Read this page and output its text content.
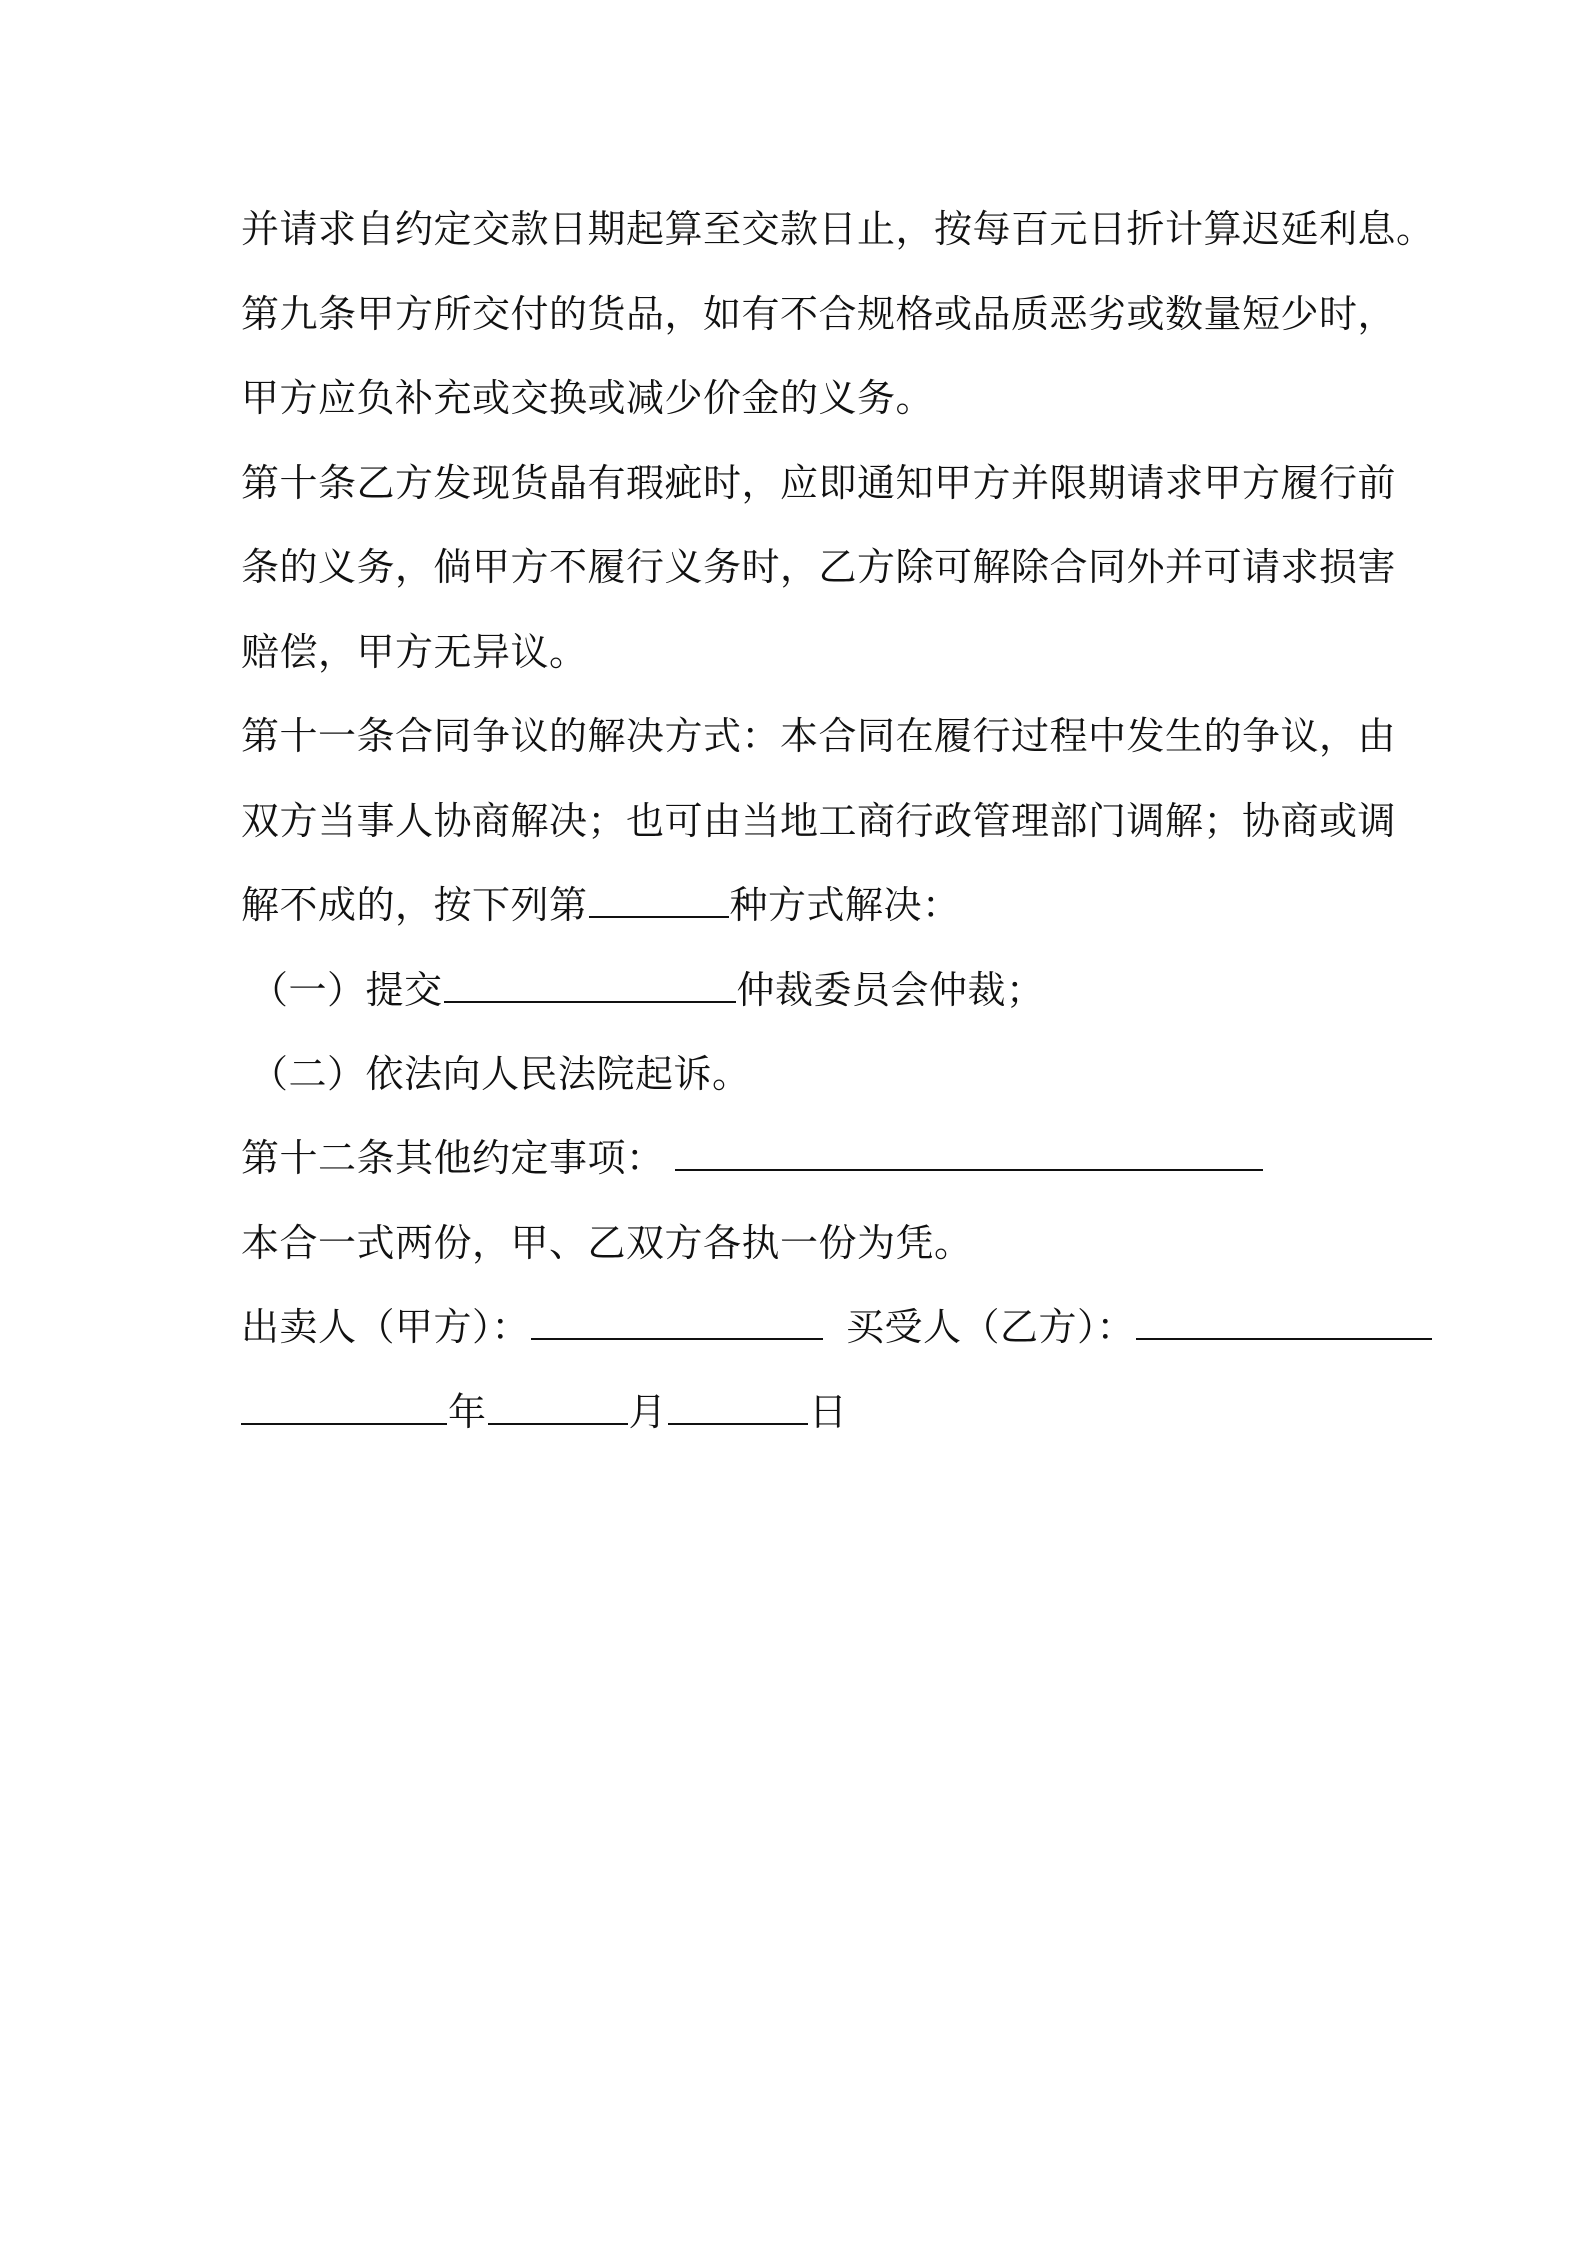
并请求自约定交款日期起算至交款日止，按每百元日折计算迟延利息。
第九条甲方所交付的货品，如有不合规格或品质恶劣或数量短少时，
甲方应负补充或交换或减少价金的义务。
第十条乙方发现货晶有瑕疵时，应即通知甲方并限期请求甲方履行前
条的义务，倘甲方不履行义务时，乙方除可解除合同外并可请求损害
赔偿，甲方无异议。
第十一条合同争议的解决方式：本合同在履行过程中发生的争议，由
双方当事人协商解决；也可由当地工商行政管理部门调解；协商或调
解不成的，按下列第	种方式解决：
（一）提交	仲裁委员会仲裁；
（二）依法向人民法院起诉。
第十二条其他约定事项：
本合一式两份，甲、乙双方各执一份为凭。
出卖人（甲方）：	买受人（乙方）：
年	月	日
